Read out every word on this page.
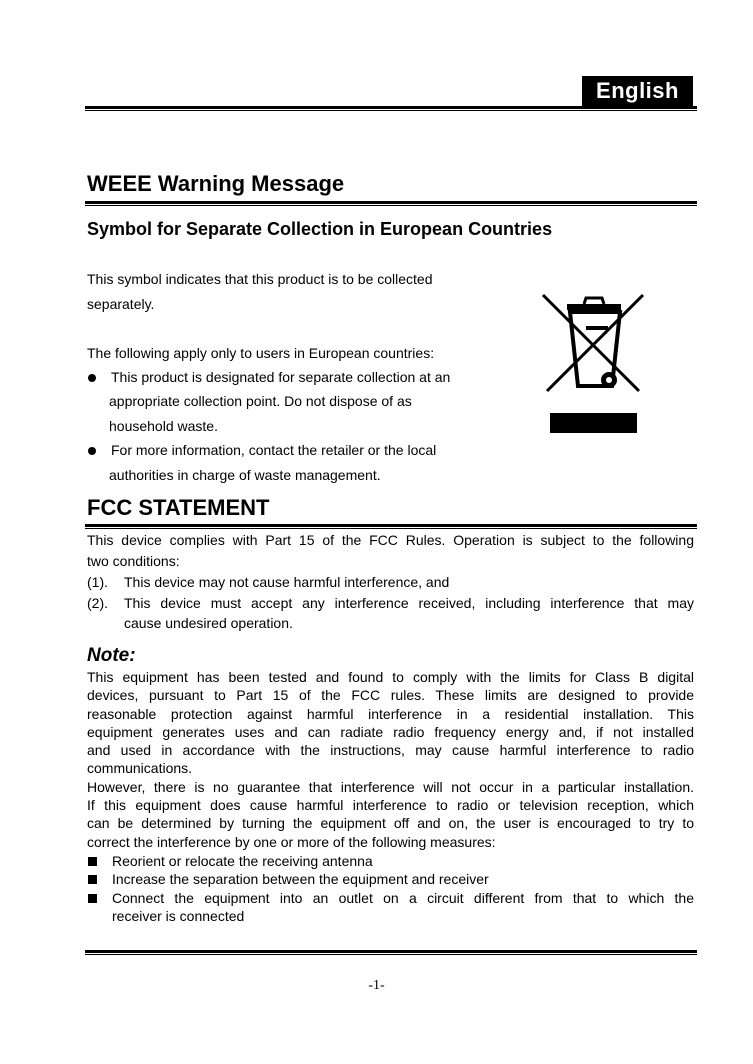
English
WEEE Warning Message
Symbol for Separate Collection in European Countries
This symbol indicates that this product is to be collected
separately.
The following apply only to users in European countries:
This product is designated for separate collection at an
appropriate collection point. Do not dispose of as
household waste.
For more information, contact the retailer or the local
authorities in charge of waste management.
FCC STATEMENT
This device complies with Part 15 of the FCC Rules. Operation is subject to the following
two conditions:
(1). This device may not cause harmful interference, and
(2). This device must accept any interference received, including interference that may
cause undesired operation.
Note:
This equipment has been tested and found to comply with the limits for Class B digital
devices, pursuant to Part 15 of the FCC rules. These limits are designed to provide
reasonable protection against harmful interference in a residential installation. This
equipment generates uses and can radiate radio frequency energy and, if not installed
and used in accordance with the instructions, may cause harmful interference to radio
communications.
However, there is no guarantee that interference will not occur in a particular installation.
If this equipment does cause harmful interference to radio or television reception, which
can be determined by turning the equipment off and on, the user is encouraged to try to
correct the interference by one or more of the following measures:
Reorient or relocate the receiving antenna
Increase the separation between the equipment and receiver
Connect the equipment into an outlet on a circuit different from that to which the
receiver is connected
-1-
